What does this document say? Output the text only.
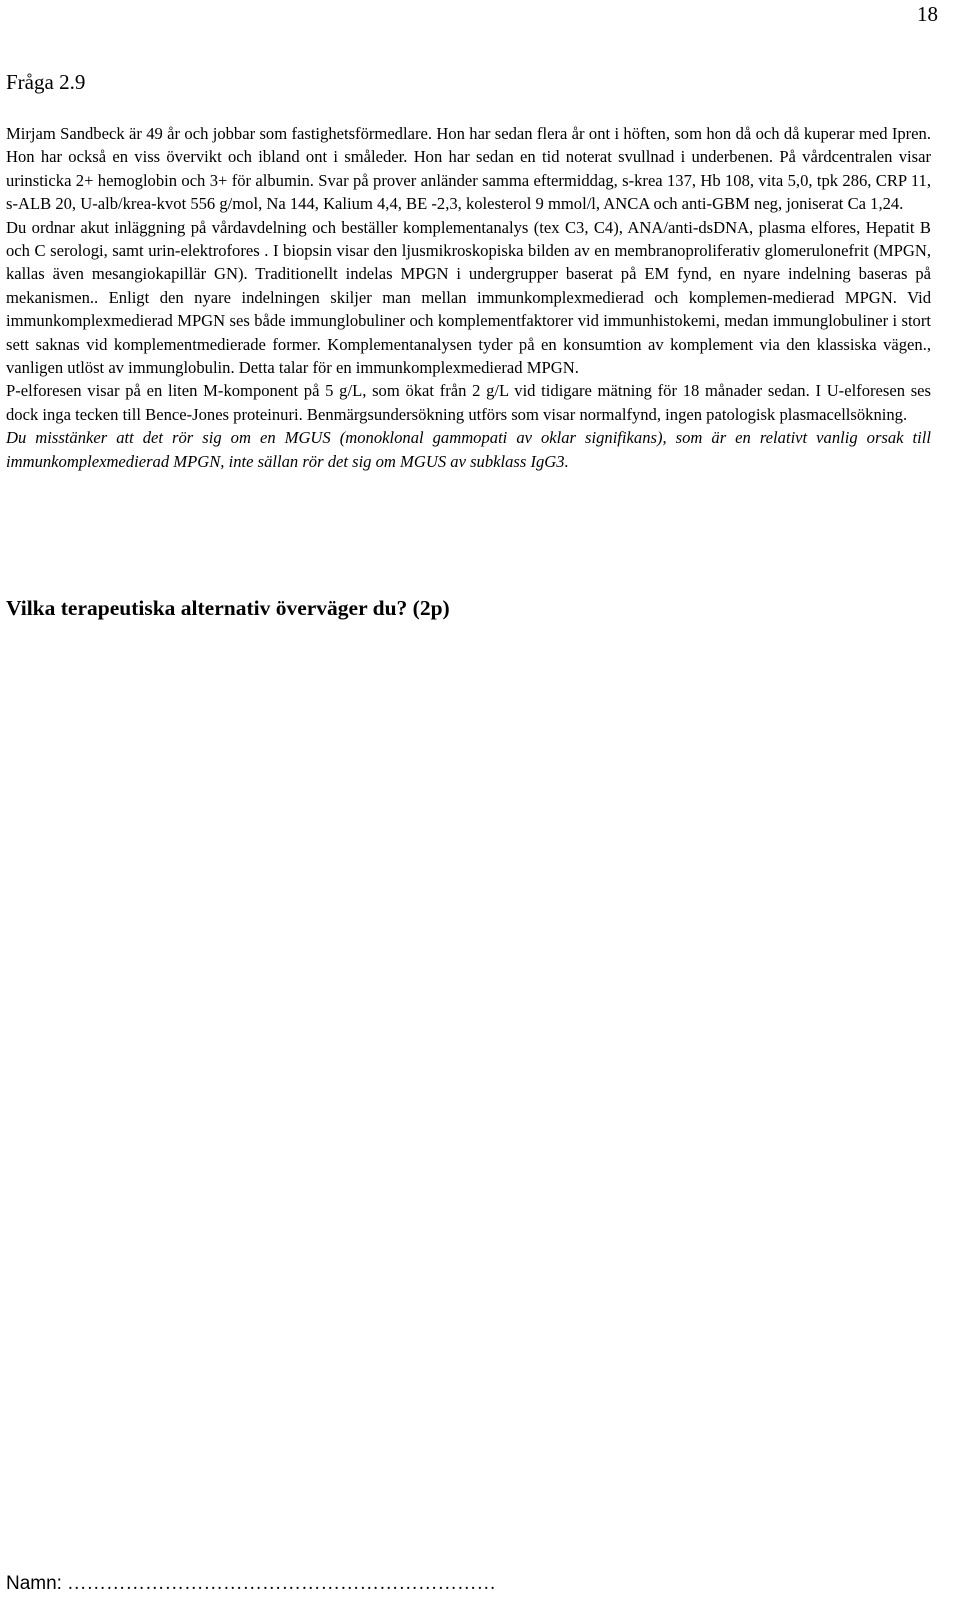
18
Fråga 2.9

Mirjam Sandbeck är 49 år och jobbar som fastighetsförmedlare. Hon har sedan flera år ont i höften, som hon då och då kuperar med Ipren. Hon har också en viss övervikt och ibland ont i småleder. Hon har sedan en tid noterat svullnad i underbenen. På vårdcentralen visar urinsticka 2+ hemoglobin och 3+ för albumin. Svar på prover anländer samma eftermiddag, s-krea 137, Hb 108, vita 5,0, tpk 286, CRP 11, s-ALB 20, U-alb/krea-kvot 556 g/mol, Na 144, Kalium 4,4, BE -2,3, kolesterol 9 mmol/l, ANCA och anti-GBM neg, joniserat Ca 1,24.

Du ordnar akut inläggning på vårdavdelning och beställer komplementanalys (tex C3, C4), ANA/anti-dsDNA, plasma elfores, Hepatit B och C serologi, samt urin-elektrofores . I biopsin visar den ljusmikroskopiska bilden av en membranoproliferativ glomerulonefrit (MPGN, kallas även mesangiokapillär GN). Traditionellt indelas MPGN i undergrupper baserat på EM fynd, en nyare indelning baseras på mekanismen.. Enligt den nyare indelningen skiljer man mellan immunkomplexmedierad och komplemen-medierad MPGN. Vid immunkomplexmedierad MPGN ses både immunglobuliner och komplementfaktorer vid immunhistokemi, medan immunglobuliner i stort sett saknas vid komplementmedierade former. Komplementanalysen tyder på en konsumtion av komplement via den klassiska vägen., vanligen utlöst av immunglobulin. Detta talar för en immunkomplexmedierad MPGN.

P-elforesen visar på en liten M-komponent på 5 g/L, som ökat från 2 g/L vid tidigare mätning för 18 månader sedan. I U-elforesen ses dock inga tecken till Bence-Jones proteinuri. Benmärgsundersökning utförs som visar normalfynd, ingen patologisk plasmacellsökning.

Du misstänker att det rör sig om en MGUS (monoklonal gammopati av oklar signifikans), som är en relativt vanlig orsak till immunkomplexmedierad MPGN, inte sällan rör det sig om MGUS av subklass IgG3.

Vilka terapeutiska alternativ överväger du? (2p)
Namn: …………………………………………………………
